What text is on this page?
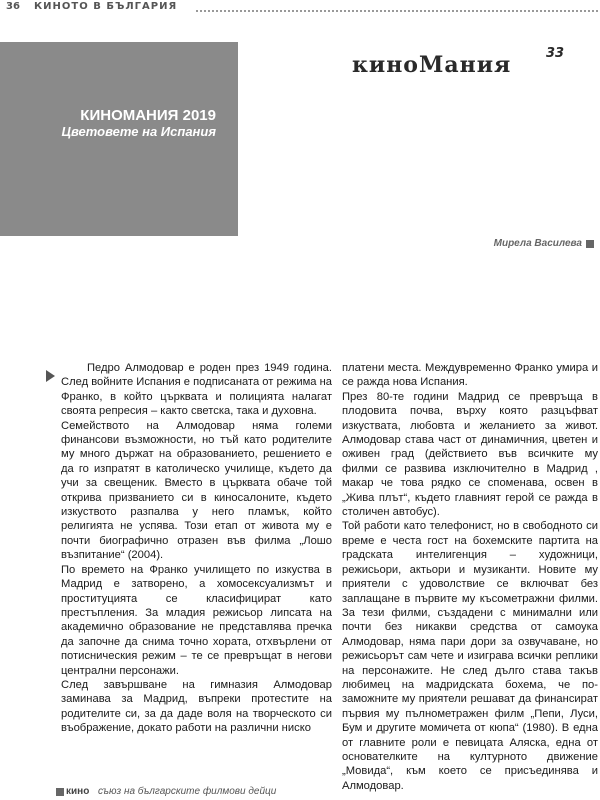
36 КИНОТО В БЪЛГАРИЯ
КИНОМАНИЯ 2019
Цветовете на Испания
киноMания	33
Мирела Василева

Педро Алмодовар е роден през 1949 година. След войните Испания е подписаната от режима на Франко, в който църквата и полицията налагат своята репресия – както светска, така и духовна.

Семейството на Алмодовар няма големи финансови възможности, но тъй като родителите му много държат на образованието, решението е да го изпратят в католическо училище, където да учи за свещеник. Вместо в църквата обаче той открива призванието си в киносалоните, където изкуството разпалва у него пламък, който религията не успява. Този етап от живота му е почти биографично отразен във филма „Лошо възпитание“ (2004).

По времето на Франко училището по изкуства в Мадрид е затворено, а хомосексуализмът и проституцията се класифицират като престъпления. За младия режисьор липсата на академично образование не представлява пречка да започне да снима точно хората, отхвърлени от потисническия режим – те се превръщат в негови централни персонажи.

След завършване на гимназия Алмодовар заминава за Мадрид, въпреки протестите на родителите си, за да даде воля на творческото си въображение, докато работи на различни ниско

платени места. Междувременно Франко умира и се ражда нова Испания.

През 80-те години Мадрид се превръща в плодовита почва, върху която разцъфват изкуствата, любовта и желанието за живот. Алмодовар става част от динамичния, цветен и оживен град (действието във всичките му филми се развива изключително в Мадрид , макар че това рядко се споменава, освен в „Жива плът“, където главният герой се ражда в столичен автобус).

Той работи като телефонист, но в свободното си време е честа гост на бохемските партита на градската интелигенция – художници, режисьори, актьори и музиканти. Новите му приятели с удоволствие се включват без заплащане в първите му късометражни филми. За тези филми, създадени с минимални или почти без никакви средства от самоука Алмодовар, няма пари дори за озвучаване, но режисьорът сам чете и изиграва всички реплики на персонажите. Не след дълго става такъв любимец на мадридската бохема, че по-заможните му приятели решават да финансират първия му пълнометражен филм „Пепи, Луси, Бум и другите момичета от кюпа“ (1980). В една от главните роли е певицата Аляска, една от основателките на културното движение „Мовида“, към което се присъединява и Алмодовар.

кино съюз на българските филмови дейци
